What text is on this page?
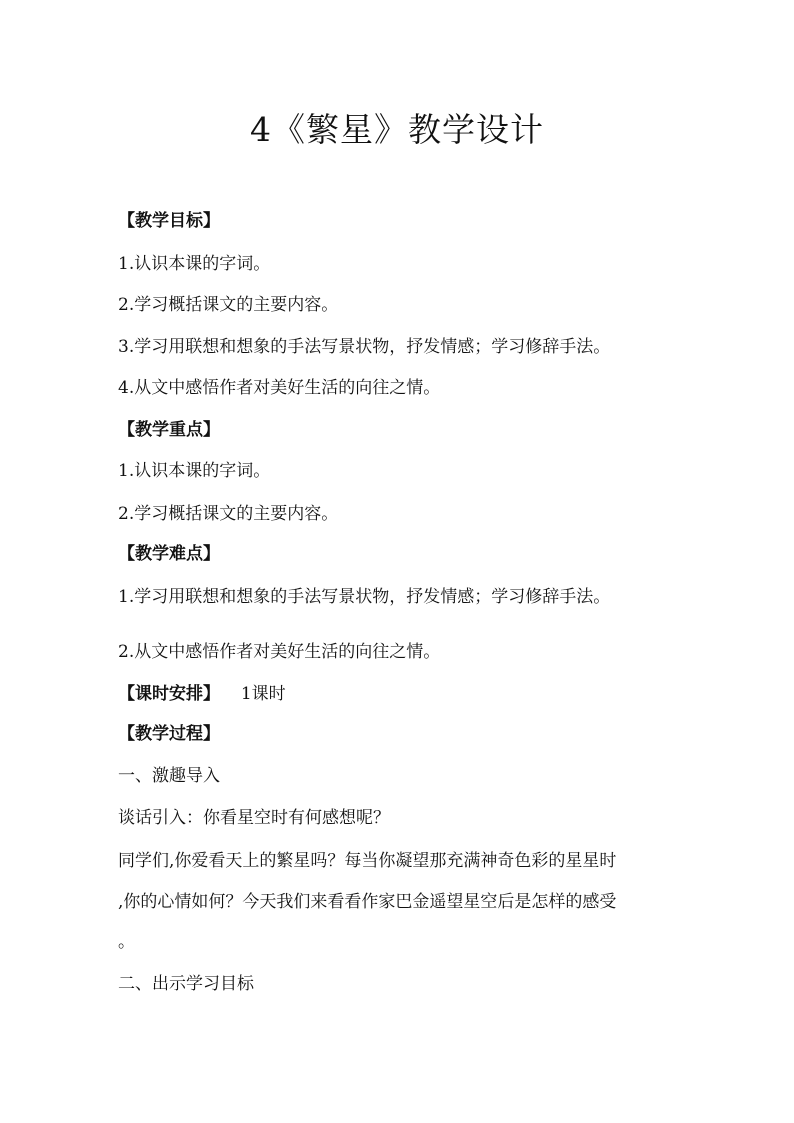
4《繁星》教学设计
【教学目标】
1.认识本课的字词。
2.学习概括课文的主要内容。
3.学习用联想和想象的手法写景状物，抒发情感；学习修辞手法。
4.从文中感悟作者对美好生活的向往之情。
【教学重点】
1.认识本课的字词。
2.学习概括课文的主要内容。
【教学难点】
1.学习用联想和想象的手法写景状物，抒发情感；学习修辞手法。
2.从文中感悟作者对美好生活的向往之情。
【课时安排】 1课时
【教学过程】
一、激趣导入
谈话引入：你看星空时有何感想呢？
同学们,你爱看天上的繁星吗？每当你凝望那充满神奇色彩的星星时
,你的心情如何？今天我们来看看作家巴金遥望星空后是怎样的感受
。
二、出示学习目标
